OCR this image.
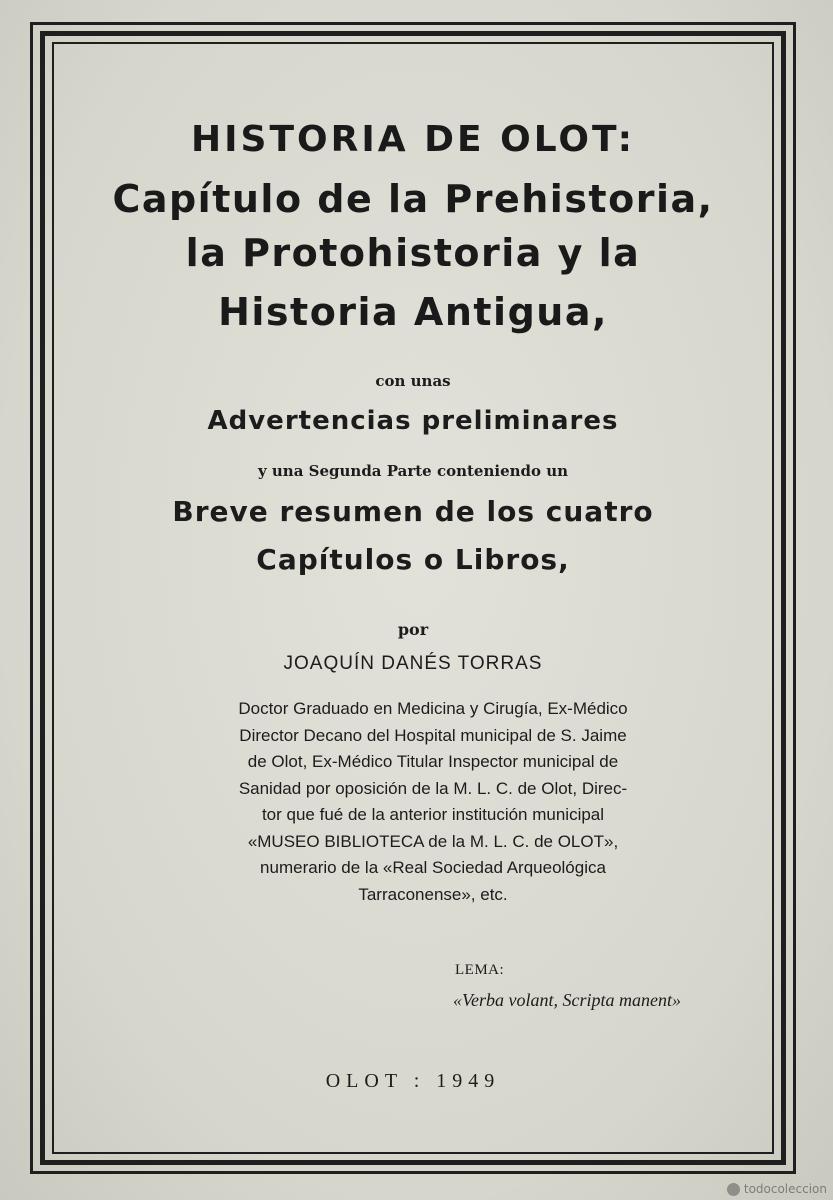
HISTORIA DE OLOT:
Capítulo de la Prehistoria,
la Protohistoria y la
Historia Antigua,
con unas
Advertencias preliminares
y una Segunda Parte conteniendo un
Breve resumen de los cuatro
Capítulos o Libros,
por
JOAQUÍN DANÉS TORRAS
Doctor Graduado en Medicina y Cirugía, Ex-Médico
Director Decano del Hospital municipal de S. Jaime
de Olot, Ex-Médico Titular Inspector municipal de
Sanidad por oposición de la M. L. C. de Olot, Direc-
tor que fué de la anterior institución municipal
«MUSEO BIBLIOTECA de la M. L. C. de OLOT»,
numerario de la «Real Sociedad Arqueológica
Tarraconense», etc.
LEMA:
«Verba volant, Scripta manent»
OLOT : 1949
todocoleccion
